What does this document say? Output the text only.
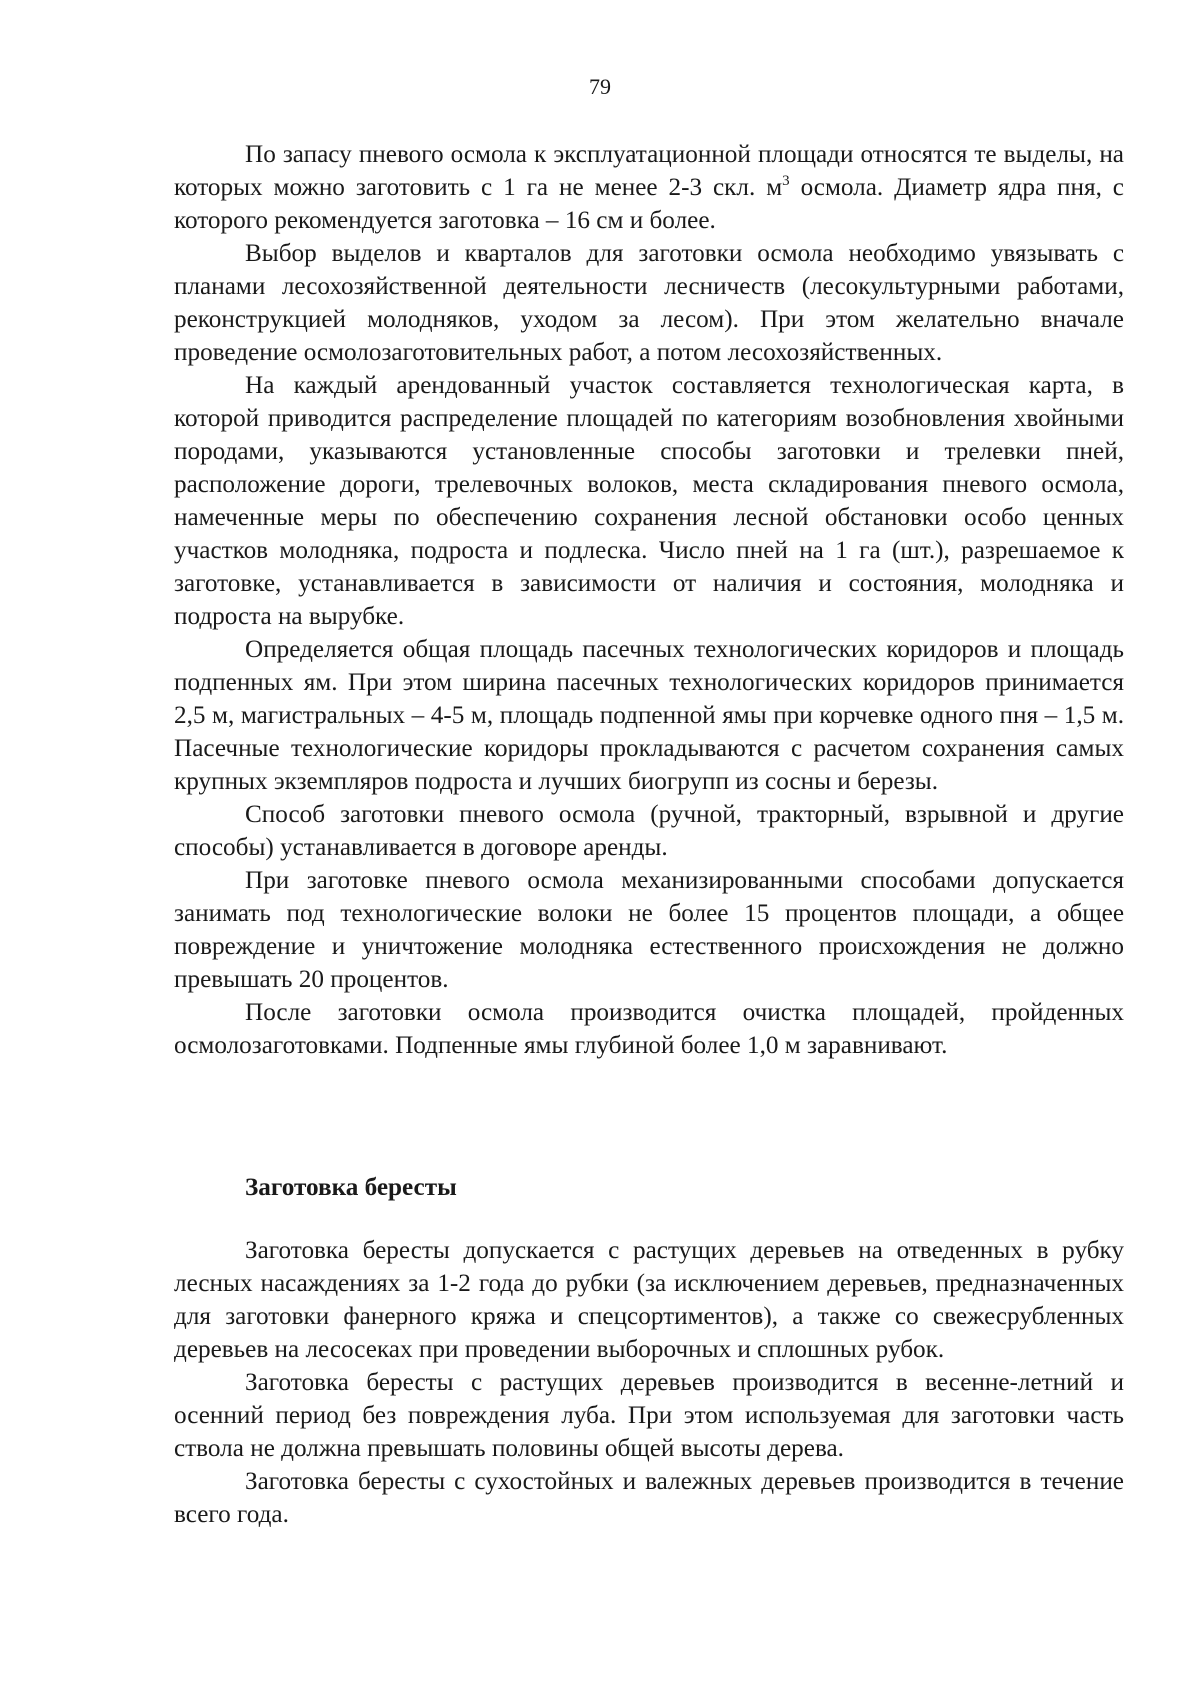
79

По запасу пневого осмола к эксплуатационной площади относятся те выделы, на которых можно заготовить с 1 га не менее 2-3 скл. $м^3$ осмола. Диаметр ядра пня, с которого рекомендуется заготовка – 16 см и более.

Выбор выделов и кварталов для заготовки осмола необходимо увязывать с планами лесохозяйственной деятельности лесничеств (лесокультурными работами, реконструкцией молодняков, уходом за лесом). При этом желательно вначале проведение осмолозаготовительных работ, а потом лесохозяйственных.

На каждый арендованный участок составляется технологическая карта, в которой приводится распределение площадей по категориям возобновления хвойными породами, указываются установленные способы заготовки и трелевки пней, расположение дороги, трелевочных волоков, места складирования пневого осмола, намеченные меры по обеспечению сохранения лесной обстановки особо ценных участков молодняка, подроста и подлеска. Число пней на 1 га (шт.), разрешаемое к заготовке, устанавливается в зависимости от наличия и состояния, молодняка и подроста на вырубке.

Определяется общая площадь пасечных технологических коридоров и площадь подпенных ям. При этом ширина пасечных технологических коридоров принимается 2,5 м, магистральных – 4-5 м, площадь подпенной ямы при корчевке одного пня – 1,5 м. Пасечные технологические коридоры прокладываются с расчетом сохранения самых крупных экземпляров подроста и лучших биогрупп из сосны и березы.

Способ заготовки пневого осмола (ручной, тракторный, взрывной и другие способы) устанавливается в договоре аренды.

При заготовке пневого осмола механизированными способами допускается занимать под технологические волоки не более 15 процентов площади, а общее повреждение и уничтожение молодняка естественного происхождения не должно превышать 20 процентов.

После заготовки осмола производится очистка площадей, пройденных осмолозаготовками. Подпенные ямы глубиной более 1,0 м заравнивают.

Заготовка бересты

Заготовка бересты допускается с растущих деревьев на отведенных в рубку лесных насаждениях за 1-2 года до рубки (за исключением деревьев, предназначенных для заготовки фанерного кряжа и спецсортиментов), а также со свежесрубленных деревьев на лесосеках при проведении выборочных и сплошных рубок.

Заготовка бересты с растущих деревьев производится в весенне-летний и осенний период без повреждения луба. При этом используемая для заготовки часть ствола не должна превышать половины общей высоты дерева.

Заготовка бересты с сухостойных и валежных деревьев производится в течение всего года.
